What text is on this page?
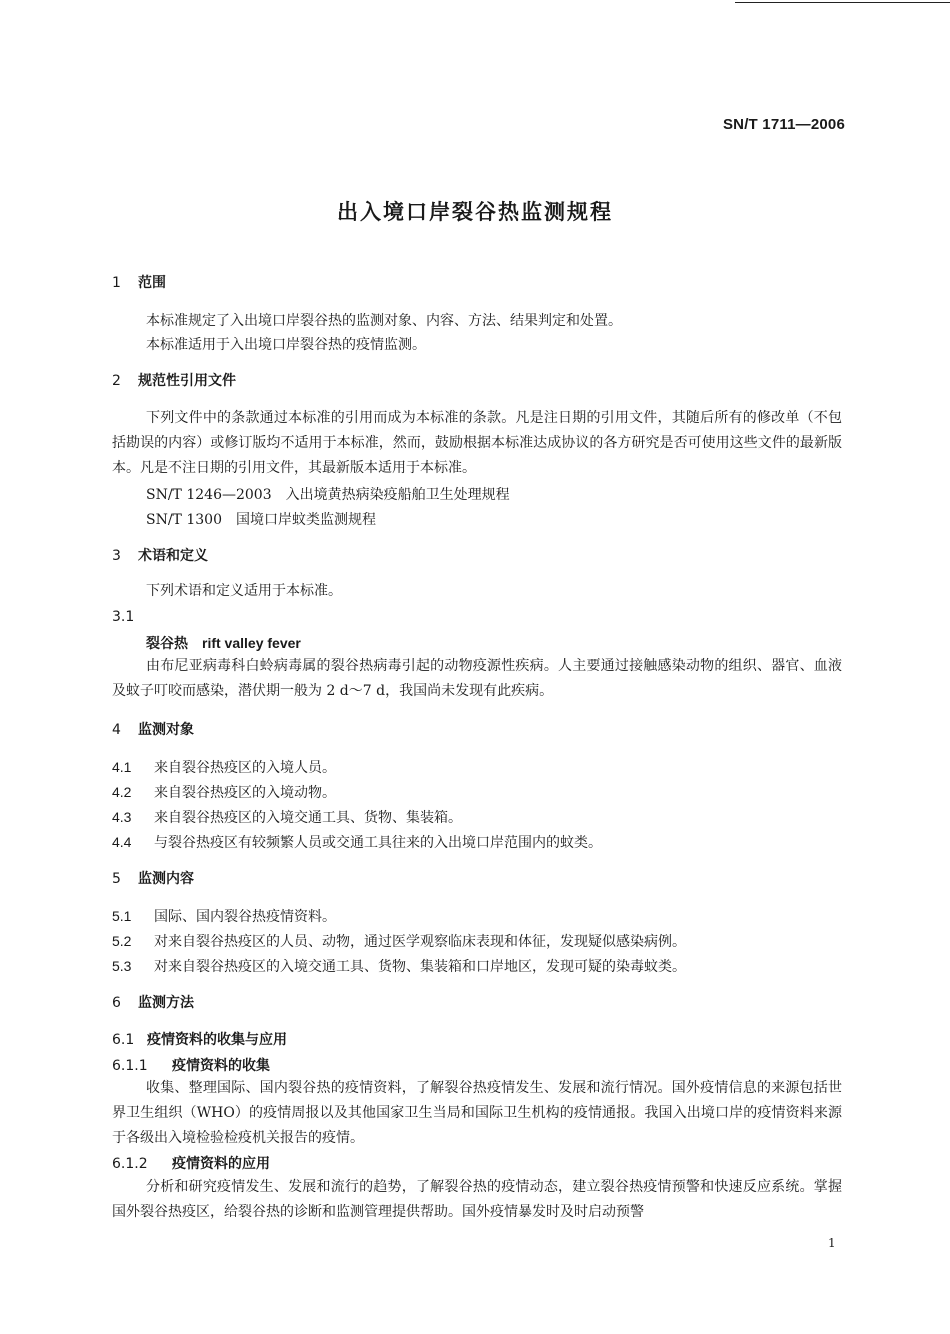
SN/T 1711—2006
出入境口岸裂谷热监测规程
1 范围
本标准规定了入出境口岸裂谷热的监测对象、内容、方法、结果判定和处置。
本标准适用于入出境口岸裂谷热的疫情监测。
2 规范性引用文件
下列文件中的条款通过本标准的引用而成为本标准的条款。凡是注日期的引用文件，其随后所有的修改单（不包括勘误的内容）或修订版均不适用于本标准，然而，鼓励根据本标准达成协议的各方研究是否可使用这些文件的最新版本。凡是不注日期的引用文件，其最新版本适用于本标准。
SN/T 1246—2003　入出境黄热病染疫船舶卫生处理规程
SN/T 1300　国境口岸蚊类监测规程
3 术语和定义
下列术语和定义适用于本标准。
3.1
裂谷热 rift valley fever
由布尼亚病毒科白蛉病毒属的裂谷热病毒引起的动物疫源性疾病。人主要通过接触感染动物的组织、器官、血液及蚊子叮咬而感染，潜伏期一般为 2 d～7 d，我国尚未发现有此疾病。
4 监测对象
4.1 来自裂谷热疫区的入境人员。
4.2 来自裂谷热疫区的入境动物。
4.3 来自裂谷热疫区的入境交通工具、货物、集装箱。
4.4 与裂谷热疫区有较频繁人员或交通工具往来的入出境口岸范围内的蚊类。
5 监测内容
5.1 国际、国内裂谷热疫情资料。
5.2 对来自裂谷热疫区的人员、动物，通过医学观察临床表现和体征，发现疑似感染病例。
5.3 对来自裂谷热疫区的入境交通工具、货物、集装箱和口岸地区，发现可疑的染毒蚊类。
6 监测方法
6.1 疫情资料的收集与应用
6.1.1 疫情资料的收集
收集、整理国际、国内裂谷热的疫情资料，了解裂谷热疫情发生、发展和流行情况。国外疫情信息的来源包括世界卫生组织（WHO）的疫情周报以及其他国家卫生当局和国际卫生机构的疫情通报。我国入出境口岸的疫情资料来源于各级出入境检验检疫机关报告的疫情。
6.1.2 疫情资料的应用
分析和研究疫情发生、发展和流行的趋势，了解裂谷热的疫情动态，建立裂谷热疫情预警和快速反应系统。掌握国外裂谷热疫区，给裂谷热的诊断和监测管理提供帮助。国外疫情暴发时及时启动预警
1
